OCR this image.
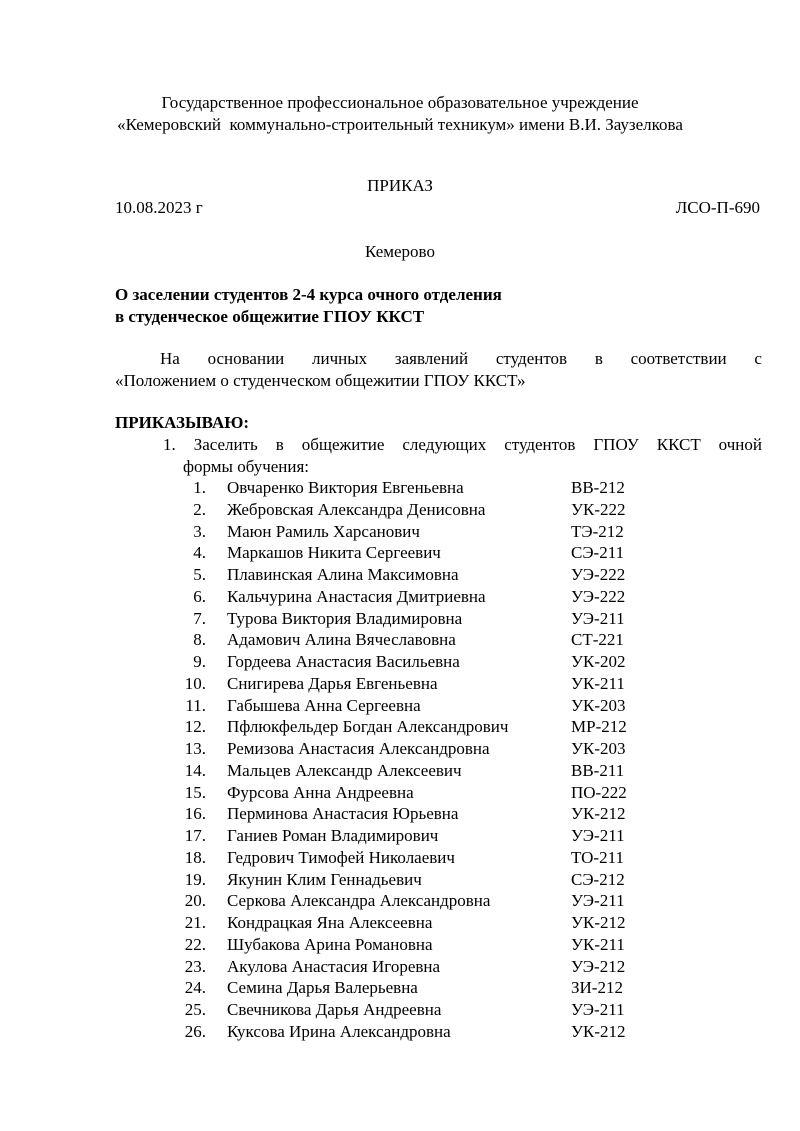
Государственное профессиональное образовательное учреждение
«Кемеровский  коммунально-строительный техникум» имени В.И. Заузелкова
ПРИКАЗ
10.08.2023 г	ЛСО-П-690
Кемерово
О заселении студентов 2-4 курса очного отделения
в студенческое общежитие ГПОУ ККСТ
На основании личных заявлений студентов в соответствии с
«Положением о студенческом общежитии ГПОУ ККСТ»
ПРИКАЗЫВАЮ:
1. Заселить в общежитие следующих студентов ГПОУ ККСТ очной
формы обучения:
1. Овчаренко Виктория Евгеньевна	ВВ-212
2. Жебровская Александра Денисовна	УК-222
3. Маюн Рамиль Харсанович	ТЭ-212
4. Маркашов Никита Сергеевич	СЭ-211
5. Плавинская Алина Максимовна	УЭ-222
6. Кальчурина Анастасия Дмитриевна	УЭ-222
7. Турова Виктория Владимировна	УЭ-211
8. Адамович Алина Вячеславовна	СТ-221
9. Гордеева Анастасия Васильевна	УК-202
10. Снигирева Дарья Евгеньевна	УК-211
11. Габышева Анна Сергеевна	УК-203
12. Пфлюкфельдер Богдан Александрович	МР-212
13. Ремизова Анастасия Александровна	УК-203
14. Мальцев Александр Алексеевич	ВВ-211
15. Фурсова Анна Андреевна	ПО-222
16. Перминова Анастасия Юрьевна	УК-212
17. Ганиев Роман Владимирович	УЭ-211
18. Гедрович Тимофей Николаевич	ТО-211
19. Якунин Клим Геннадьевич	СЭ-212
20. Серкова Александра Александровна	УЭ-211
21. Кондрацкая Яна Алексеевна	УК-212
22. Шубакова Арина Романовна	УК-211
23. Акулова Анастасия Игоревна	УЭ-212
24. Семина Дарья Валерьевна	ЗИ-212
25. Свечникова Дарья Андреевна	УЭ-211
26. Куксова Ирина Александровна	УК-212
